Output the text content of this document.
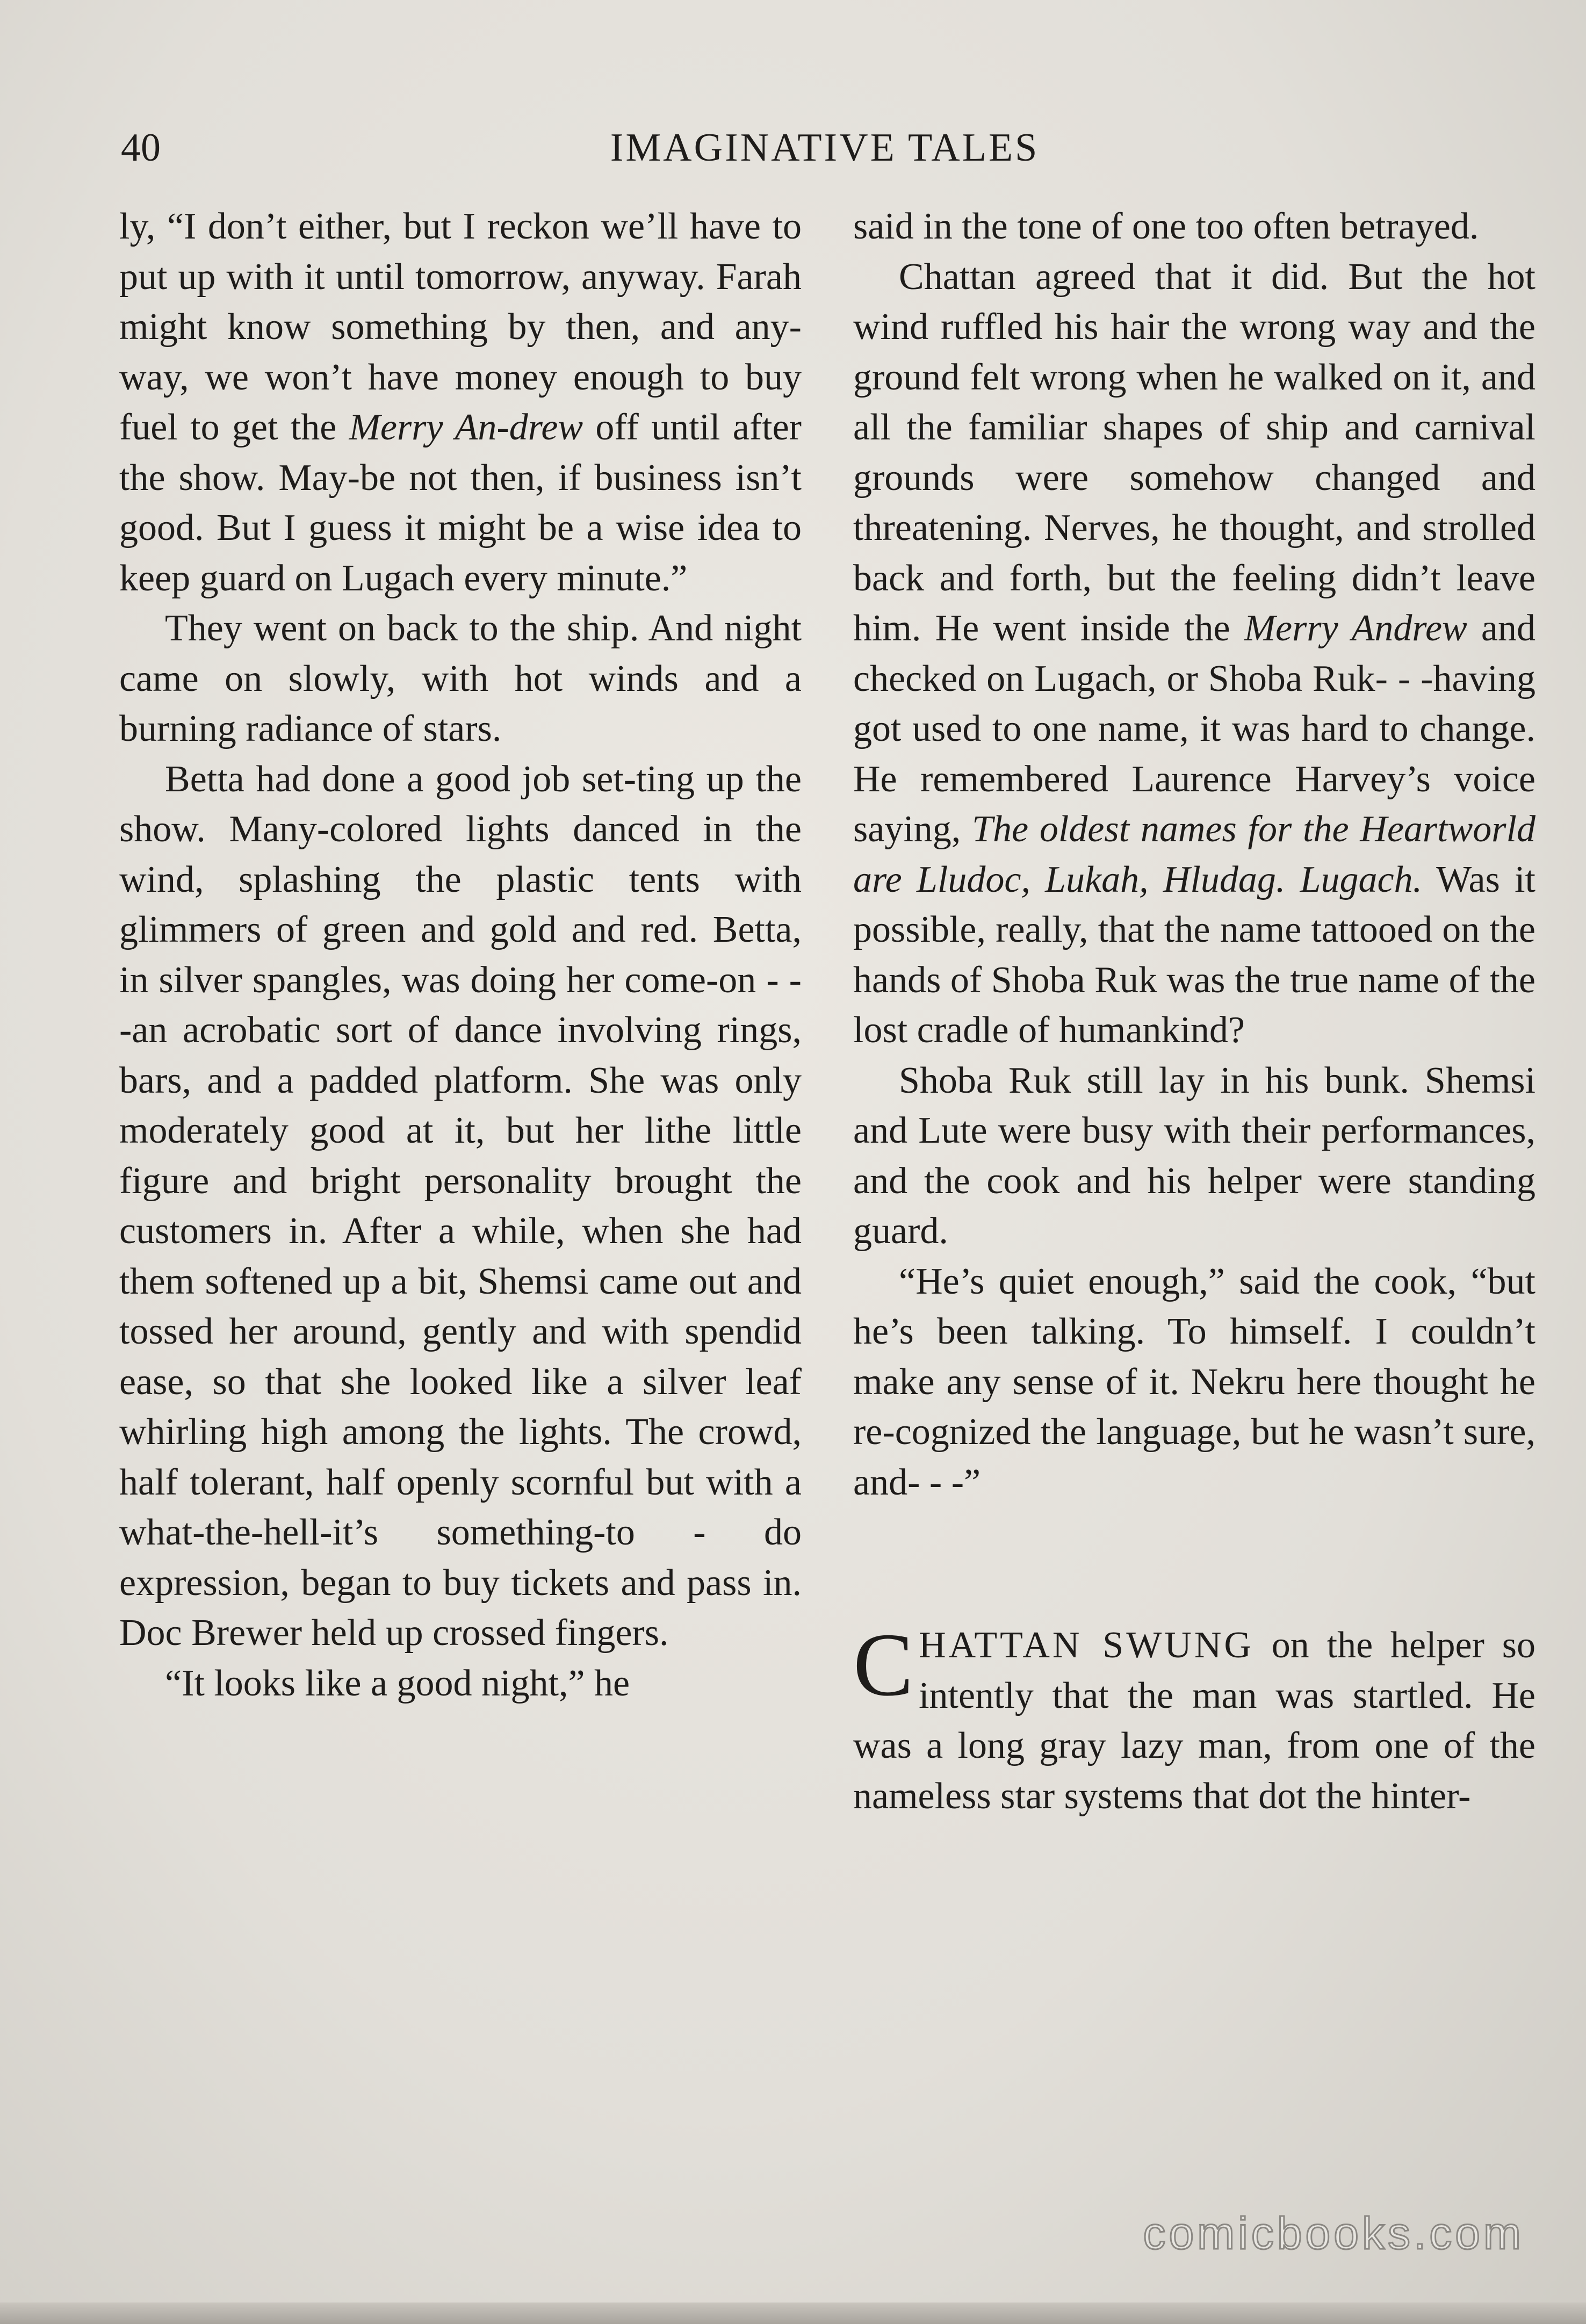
40	IMAGINATIVE TALES

ly, “I don’t either, but I reckon we’ll have to put up with it until tomorrow, anyway. Farah might know something by then, and any-way, we won’t have money enough to buy fuel to get the Merry An-drew off until after the show. May-be not then, if business isn’t good. But I guess it might be a wise idea to keep guard on Lugach every minute.”

They went on back to the ship. And night came on slowly, with hot winds and a burning radiance of stars.

Betta had done a good job set-ting up the show. Many-colored lights danced in the wind, splashing the plastic tents with glimmers of green and gold and red. Betta, in silver spangles, was doing her come-on - - -an acrobatic sort of dance involving rings, bars, and a padded platform. She was only moderately good at it, but her lithe little figure and bright personality brought the customers in. After a while, when she had them softened up a bit, Shemsi came out and tossed her around, gently and with spendid ease, so that she looked like a silver leaf whirling high among the lights. The crowd, half tolerant, half openly scornful but with a what-the-hell-it’s something-to - do expression, began to buy tickets and pass in. Doc Brewer held up crossed fingers.

“It looks like a good night,” he

said in the tone of one too often betrayed.

Chattan agreed that it did. But the hot wind ruffled his hair the wrong way and the ground felt wrong when he walked on it, and all the familiar shapes of ship and carnival grounds were somehow changed and threatening. Nerves, he thought, and strolled back and forth, but the feeling didn’t leave him. He went inside the Merry Andrew and checked on Lugach, or Shoba Ruk- - -having got used to one name, it was hard to change. He remembered Laurence Harvey’s voice saying, The oldest names for the Heartworld are Lludoc, Lukah, Hludag. Lugach. Was it possible, really, that the name tattooed on the hands of Shoba Ruk was the true name of the lost cradle of humankind?

Shoba Ruk still lay in his bunk. Shemsi and Lute were busy with their performances, and the cook and his helper were standing guard.

“He’s quiet enough,” said the cook, “but he’s been talking. To himself. I couldn’t make any sense of it. Nekru here thought he re-cognized the language, but he wasn’t sure, and- - -”

CHATTAN SWUNG on the helper so intently that the man was startled. He was a long gray lazy man, from one of the nameless star systems that dot the hinter-

comicbooks.com
